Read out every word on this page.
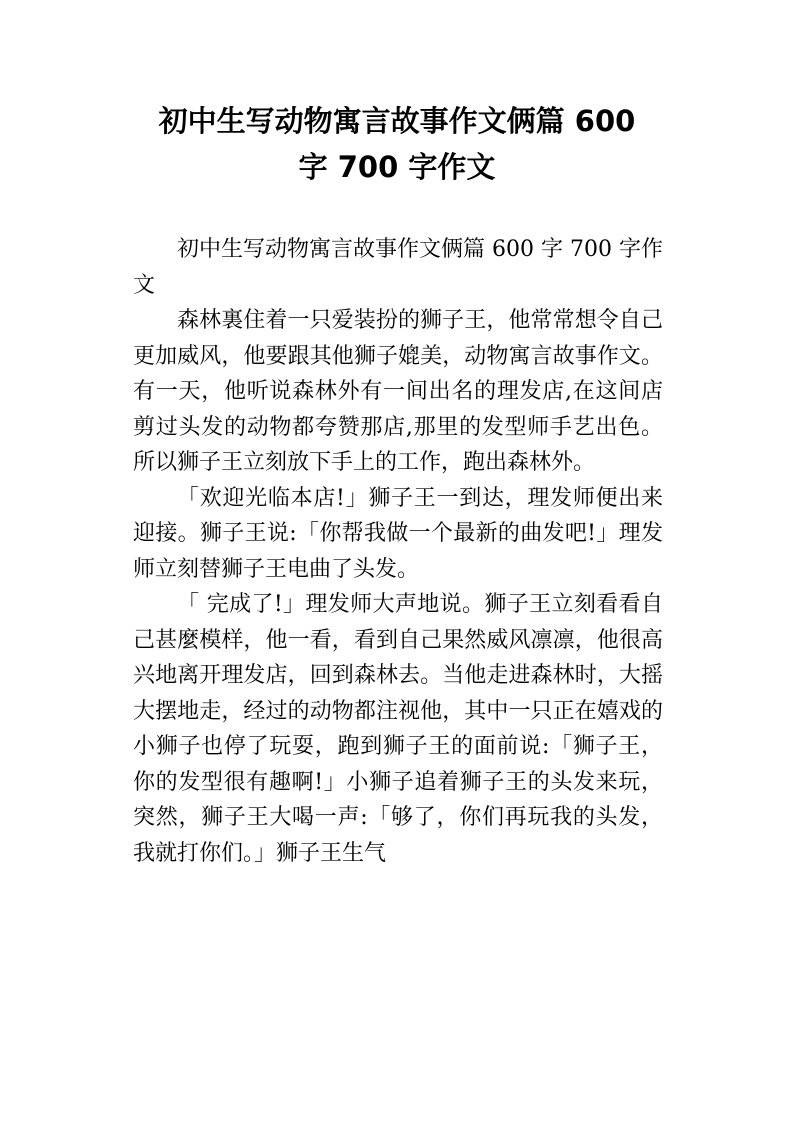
初中生写动物寓言故事作文俩篇 600
字 700 字作文

初中生写动物寓言故事作文俩篇 600 字 700 字作文

森林裏住着一只爱装扮的狮子王，他常常想令自己更加威风，他要跟其他狮子媲美，动物寓言故事作文。有一天，他听说森林外有一间出名的理发店,在这间店剪过头发的动物都夸赞那店,那里的发型师手艺出色。 所以狮子王立刻放下手上的工作，跑出森林外。

「欢迎光临本店!」狮子王一到达，理发师便出来迎接。狮子王说:「你帮我做一个最新的曲发吧!」理发师立刻替狮子王电曲了头发。

「 完成了!」理发师大声地说。狮子王立刻看看自己甚麼模样，他一看，看到自己果然威风凛凛，他很高兴地离开理发店，回到森林去。当他走进森林时，大摇大摆地走，经过的动物都注视他，其中一只正在嬉戏的小狮子也停了玩耍，跑到狮子王的面前说:「狮子王，你的发型很有趣啊!」小狮子追着狮子王的头发来玩，突然，狮子王大喝一声:「够了，你们再玩我的头发，我就打你们。」狮子王生气
